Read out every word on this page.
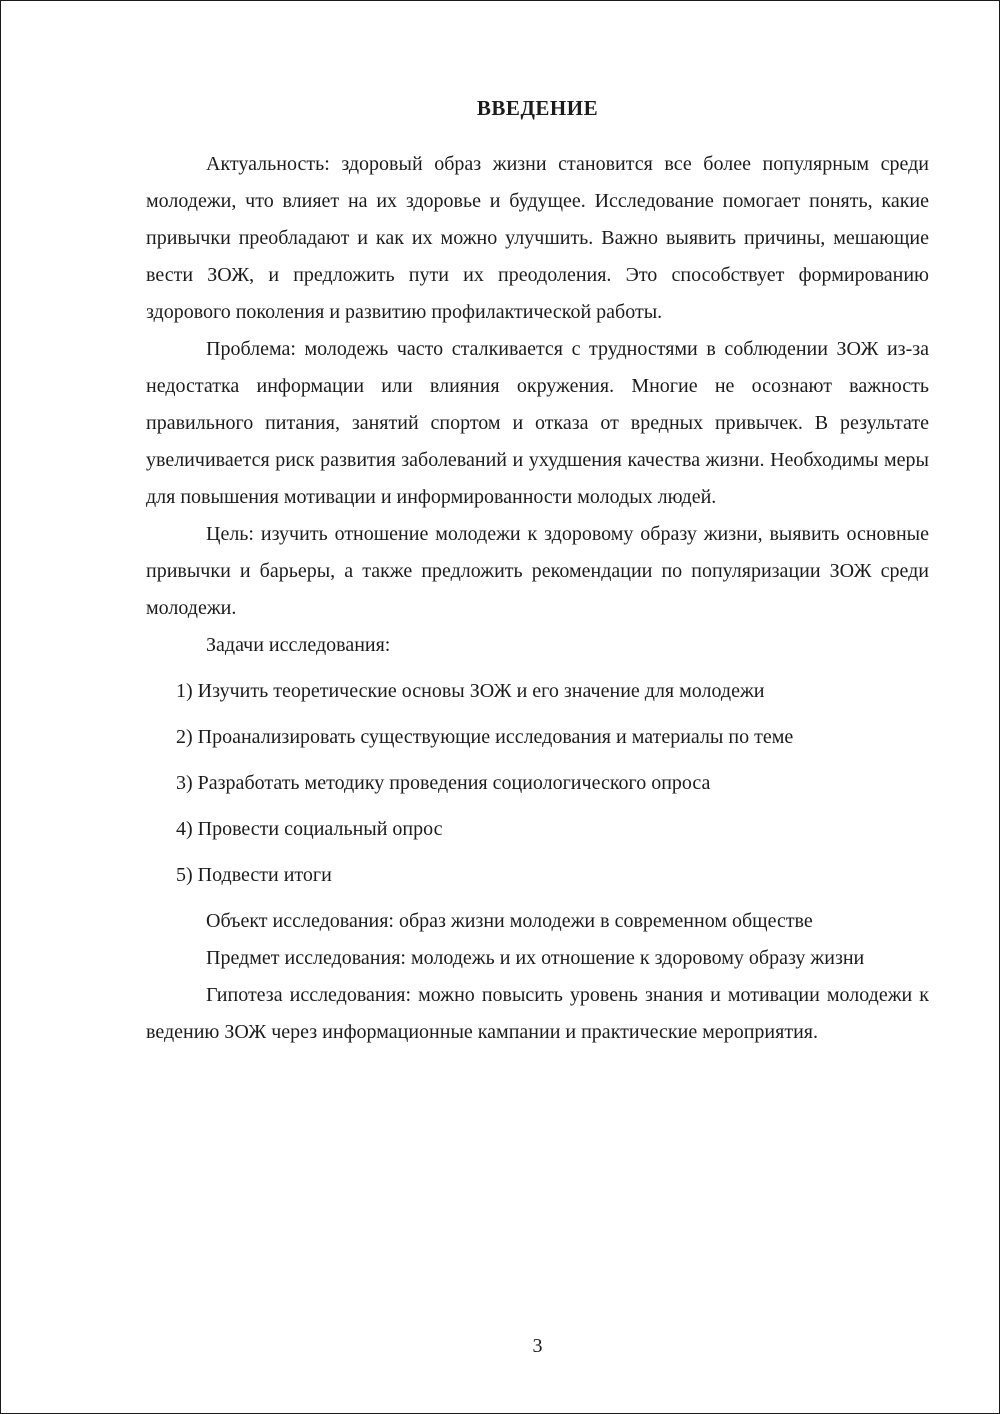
ВВЕДЕНИЕ

Актуальность: здоровый образ жизни становится все более популярным среди молодежи, что влияет на их здоровье и будущее. Исследование помогает понять, какие привычки преобладают и как их можно улучшить. Важно выявить причины, мешающие вести ЗОЖ, и предложить пути их преодоления. Это способствует формированию здорового поколения и развитию профилактической работы.

Проблема: молодежь часто сталкивается с трудностями в соблюдении ЗОЖ из-за недостатка информации или влияния окружения. Многие не осознают важность правильного питания, занятий спортом и отказа от вредных привычек. В результате увеличивается риск развития заболеваний и ухудшения качества жизни. Необходимы меры для повышения мотивации и информированности молодых людей.

Цель: изучить отношение молодежи к здоровому образу жизни, выявить основные привычки и барьеры, а также предложить рекомендации по популяризации ЗОЖ среди молодежи.

Задачи исследования:

1) Изучить теоретические основы ЗОЖ и его значение для молодежи

2) Проанализировать существующие исследования и материалы по теме

3) Разработать методику проведения социологического опроса

4) Провести социальный опрос

5) Подвести итоги

Объект исследования: образ жизни молодежи в современном обществе

Предмет исследования: молодежь и их отношение к здоровому образу жизни

Гипотеза исследования: можно повысить уровень знания и мотивации молодежи к ведению ЗОЖ через информационные кампании и практические мероприятия.

3
